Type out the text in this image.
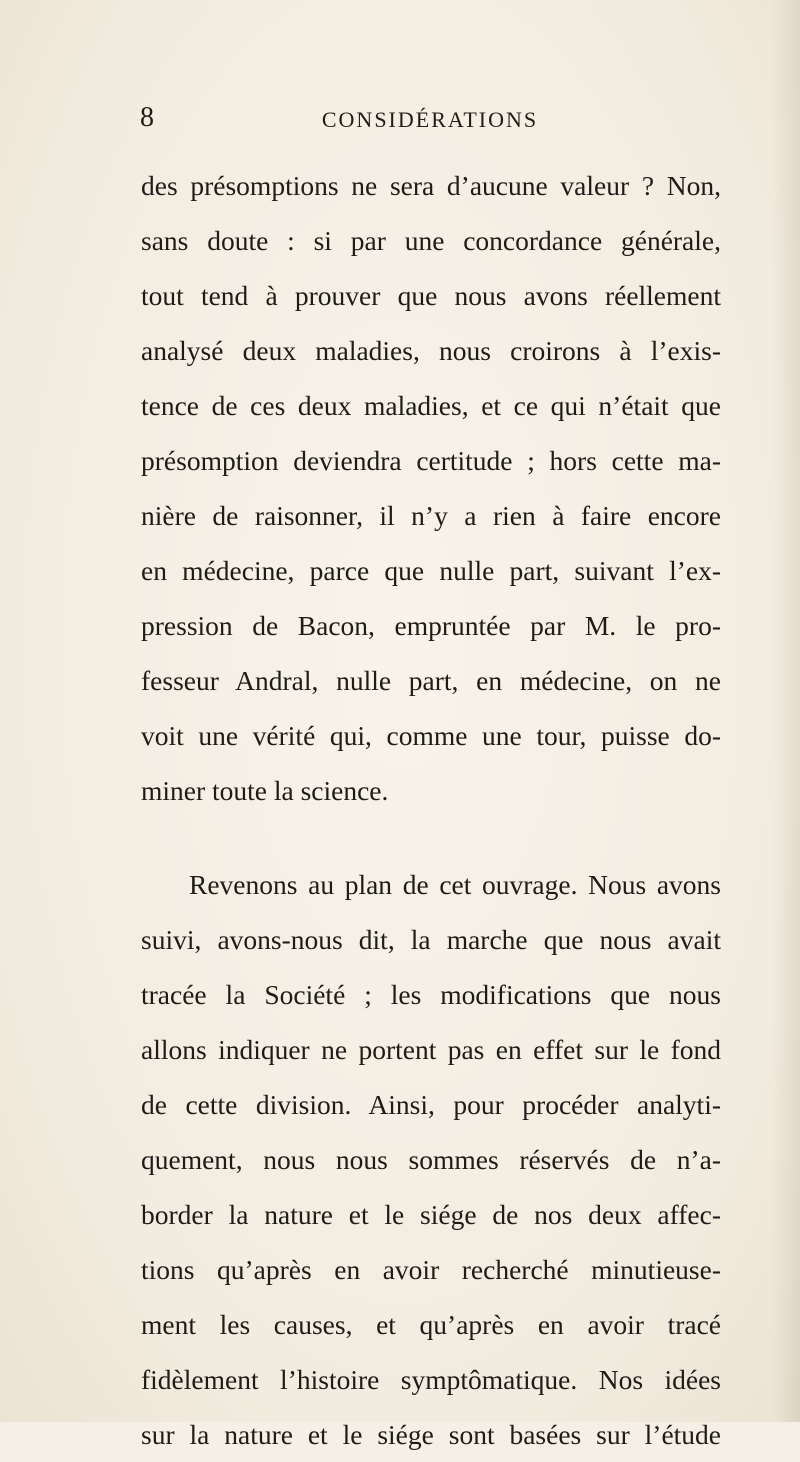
8	CONSIDÉRATIONS
des présomptions ne sera d’aucune valeur ? Non,
sans doute : si par une concordance générale,
tout tend à prouver que nous avons réellement
analysé deux maladies, nous croirons à l’exis-
tence de ces deux maladies, et ce qui n’était que
présomption deviendra certitude ; hors cette ma-
nière de raisonner, il n’y a rien à faire encore
en médecine, parce que nulle part, suivant l’ex-
pression de Bacon, empruntée par M. le pro-
fesseur Andral, nulle part, en médecine, on ne
voit une vérité qui, comme une tour, puisse do-
miner toute la science.
Revenons au plan de cet ouvrage. Nous avons
suivi, avons-nous dit, la marche que nous avait
tracée la Société ; les modifications que nous
allons indiquer ne portent pas en effet sur le fond
de cette division. Ainsi, pour procéder analyti-
quement, nous nous sommes réservés de n’a-
border la nature et le siége de nos deux affec-
tions qu’après en avoir recherché minutieuse-
ment les causes, et qu’après en avoir tracé
fidèlement l’histoire symptômatique. Nos idées
sur la nature et le siége sont basées sur l’étude
